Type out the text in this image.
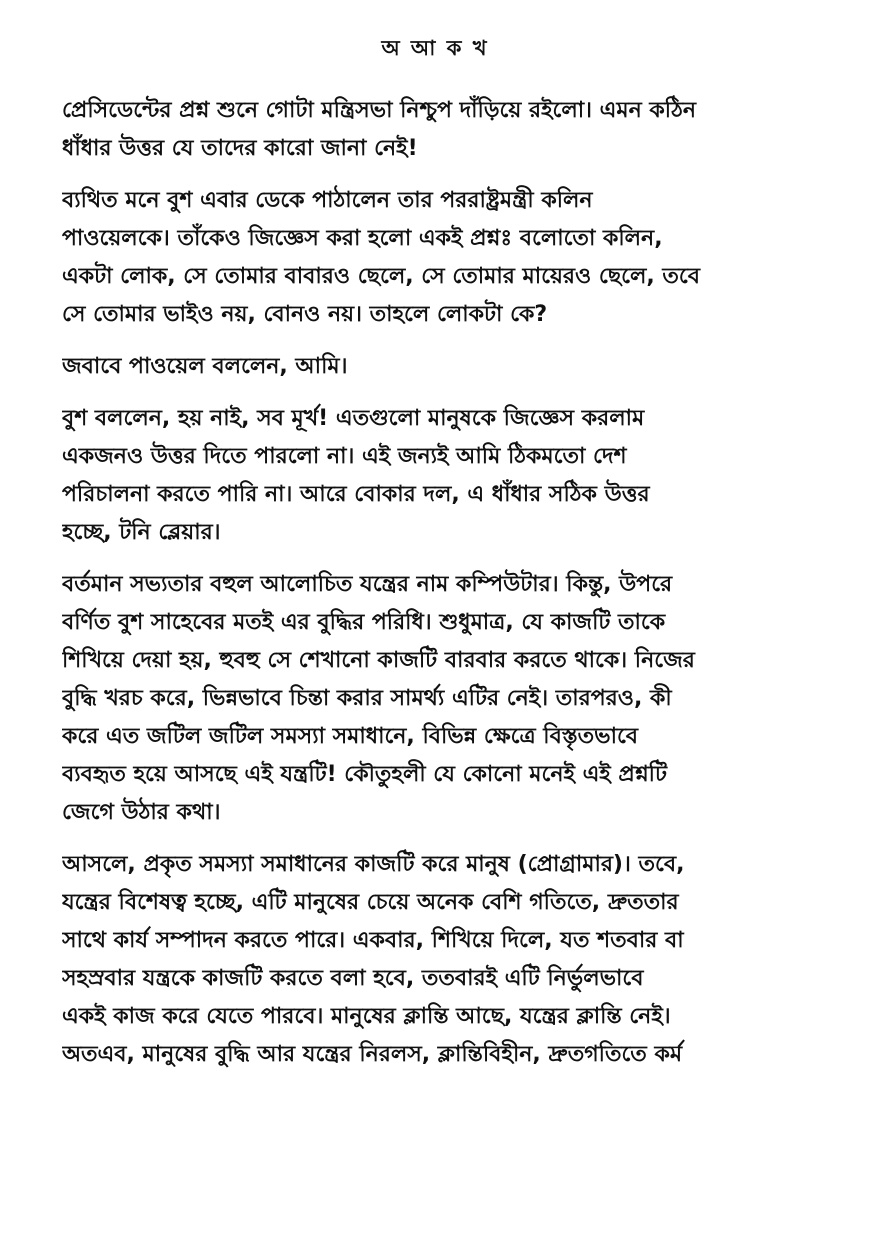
অ আ ক খ

প্রেসিডেন্টের প্রশ্ন শুনে গোটা মন্ত্রিসভা নিশ্চুপ দাঁড়িয়ে রইলো। এমন কঠিন
ধাঁধার উত্তর যে তাদের কারো জানা নেই!

ব্যথিত মনে বুশ এবার ডেকে পাঠালেন তার পররাষ্ট্রমন্ত্রী কলিন
পাওয়েলকে। তাঁকেও জিজ্ঞেস করা হলো একই প্রশ্নঃ বলোতো কলিন,
একটা লোক, সে তোমার বাবারও ছেলে, সে তোমার মায়েরও ছেলে, তবে
সে তোমার ভাইও নয়, বোনও নয়। তাহলে লোকটা কে?

জবাবে পাওয়েল বললেন, আমি।

বুশ বললেন, হয় নাই, সব মূর্খ! এতগুলো মানুষকে জিজ্ঞেস করলাম
একজনও উত্তর দিতে পারলো না। এই জন্যই আমি ঠিকমতো দেশ
পরিচালনা করতে পারি না। আরে বোকার দল, এ ধাঁধার সঠিক উত্তর
হচ্ছে, টনি ব্লেয়ার।

বর্তমান সভ্যতার বহুল আলোচিত যন্ত্রের নাম কম্পিউটার। কিন্তু, উপরে
বর্ণিত বুশ সাহেবের মতই এর বুদ্ধির পরিধি। শুধুমাত্র, যে কাজটি তাকে
শিখিয়ে দেয়া হয়, হুবহু সে শেখানো কাজটি বারবার করতে থাকে। নিজের
বুদ্ধি খরচ করে, ভিন্নভাবে চিন্তা করার সামর্থ্য এটির নেই। তারপরও, কী
করে এত জটিল জটিল সমস্যা সমাধানে, বিভিন্ন ক্ষেত্রে বিস্তৃতভাবে
ব্যবহৃত হয়ে আসছে এই যন্ত্রটি! কৌতুহলী যে কোনো মনেই এই প্রশ্নটি
জেগে উঠার কথা।

আসলে, প্রকৃত সমস্যা সমাধানের কাজটি করে মানুষ (প্রোগ্রামার)। তবে,
যন্ত্রের বিশেষত্ব হচ্ছে, এটি মানুষের চেয়ে অনেক বেশি গতিতে, দ্রুততার
সাথে কার্য সম্পাদন করতে পারে। একবার, শিখিয়ে দিলে, যত শতবার বা
সহস্রবার যন্ত্রকে কাজটি করতে বলা হবে, ততবারই এটি নির্ভুলভাবে
একই কাজ করে যেতে পারবে। মানুষের ক্লান্তি আছে, যন্ত্রের ক্লান্তি নেই।
অতএব, মানুষের বুদ্ধি আর যন্ত্রের নিরলস, ক্লান্তিবিহীন, দ্রুতগতিতে কর্ম
